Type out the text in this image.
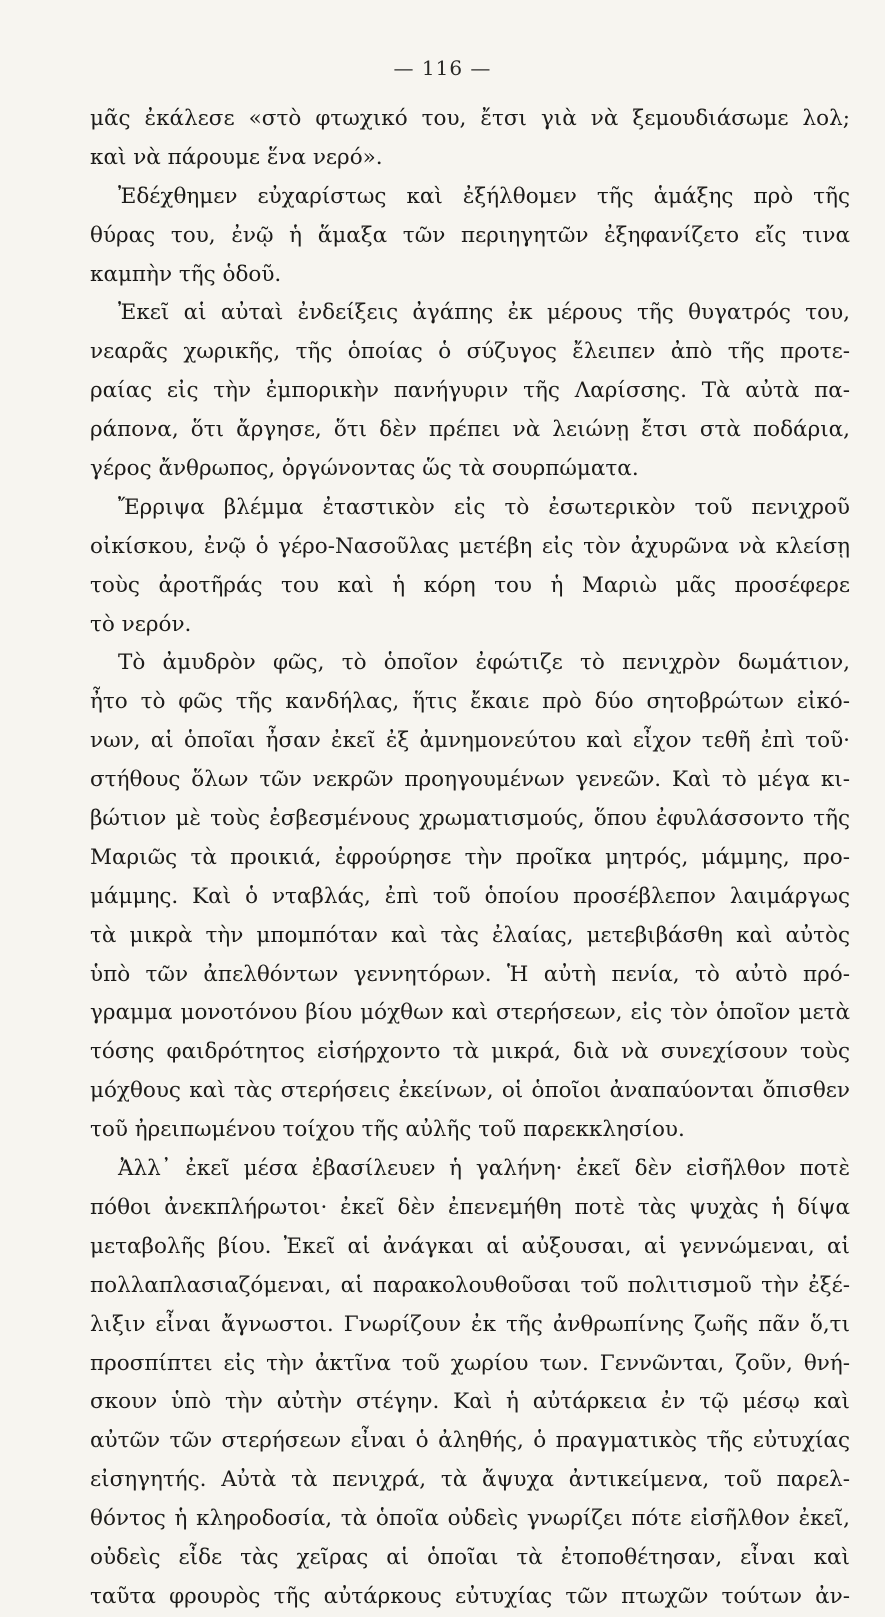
— 116 —
μᾶς ἐκάλεσε «στὸ φτωχικό του, ἔτσι γιὰ νὰ ξεμουδιάσωμε λολ;
καὶ νὰ πάρουμε ἕνα νερό».
Ἐδέχθημεν εὐχαρίστως καὶ ἐξήλθομεν τῆς ἁμάξης πρὸ τῆς
θύρας του, ἐνῷ ἡ ἅμαξα τῶν περιηγητῶν ἐξηφανίζετο εἴς τινα
καμπὴν τῆς ὁδοῦ.
Ἐκεῖ αἱ αὐταὶ ἐνδείξεις ἀγάπης ἐκ μέρους τῆς θυγατρός του,
νεαρᾶς χωρικῆς, τῆς ὁποίας ὁ σύζυγος ἔλειπεν ἀπὸ τῆς προτε-
ραίας εἰς τὴν ἐμπορικὴν πανήγυριν τῆς Λαρίσσης. Τὰ αὐτὰ πα-
ράπονα, ὅτι ἄργησε, ὅτι δὲν πρέπει νὰ λειώνῃ ἔτσι στὰ ποδάρια,
γέρος ἄνθρωπος, ὀργώνοντας ὥς τὰ σουρπώματα.
Ἔρριψα βλέμμα ἐταστικὸν εἰς τὸ ἐσωτερικὸν τοῦ πενιχροῦ
οἰκίσκου, ἐνῷ ὁ γέρο-Νασοῦλας μετέβη εἰς τὸν ἀχυρῶνα νὰ κλείσῃ
τοὺς ἀροτῆράς του καὶ ἡ κόρη του ἡ Μαριὼ μᾶς προσέφερε
τὸ νερόν.
Τὸ ἀμυδρὸν φῶς, τὸ ὁποῖον ἐφώτιζε τὸ πενιχρὸν δωμάτιον,
ἦτο τὸ φῶς τῆς κανδήλας, ἥτις ἔκαιε πρὸ δύο σητοβρώτων εἰκό-
νων, αἱ ὁποῖαι ἦσαν ἐκεῖ ἐξ ἀμνημονεύτου καὶ εἶχον τεθῆ ἐπὶ τοῦ·
στήθους ὅλων τῶν νεκρῶν προηγουμένων γενεῶν. Καὶ τὸ μέγα κι-
βώτιον μὲ τοὺς ἐσβεσμένους χρωματισμούς, ὅπου ἐφυλάσσοντο τῆς
Μαριῶς τὰ προικιά, ἐφρούρησε τὴν προῖκα μητρός, μάμμης, προ-
μάμμης. Καὶ ὁ νταβλάς, ἐπὶ τοῦ ὁποίου προσέβλεπον λαιμάργως
τὰ μικρὰ τὴν μπομπόταν καὶ τὰς ἐλαίας, μετεβιβάσθη καὶ αὐτὸς
ὑπὸ τῶν ἀπελθόντων γεννητόρων. Ἡ αὐτὴ πενία, τὸ αὐτὸ πρό-
γραμμα μονοτόνου βίου μόχθων καὶ στερήσεων, εἰς τὸν ὁποῖον μετὰ
τόσης φαιδρότητος εἰσήρχοντο τὰ μικρά, διὰ νὰ συνεχίσουν τοὺς
μόχθους καὶ τὰς στερήσεις ἐκείνων, οἱ ὁποῖοι ἀναπαύονται ὄπισθεν
τοῦ ἠρειπωμένου τοίχου τῆς αὐλῆς τοῦ παρεκκλησίου.
Ἀλλ᾿ ἐκεῖ μέσα ἐβασίλευεν ἡ γαλήνη· ἐκεῖ δὲν εἰσῆλθον ποτὲ
πόθοι ἀνεκπλήρωτοι· ἐκεῖ δὲν ἐπενεμήθη ποτὲ τὰς ψυχὰς ἡ δίψα
μεταβολῆς βίου. Ἐκεῖ αἱ ἀνάγκαι αἱ αὐξουσαι, αἱ γεννώμεναι, αἱ
πολλαπλασιαζόμεναι, αἱ παρακολουθοῦσαι τοῦ πολιτισμοῦ τὴν ἐξέ-
λιξιν εἶναι ἄγνωστοι. Γνωρίζουν ἐκ τῆς ἀνθρωπίνης ζωῆς πᾶν ὅ,τι
προσπίπτει εἰς τὴν ἀκτῖνα τοῦ χωρίου των. Γεννῶνται, ζοῦν, θνή-
σκουν ὑπὸ τὴν αὐτὴν στέγην. Καὶ ἡ αὐτάρκεια ἐν τῷ μέσῳ καὶ
αὐτῶν τῶν στερήσεων εἶναι ὁ ἀληθής, ὁ πραγματικὸς τῆς εὐτυχίας
εἰσηγητής. Αὐτὰ τὰ πενιχρά, τὰ ἄψυχα ἀντικείμενα, τοῦ παρελ-
θόντος ἡ κληροδοσία, τὰ ὁποῖα οὐδεὶς γνωρίζει πότε εἰσῆλθον ἐκεῖ,
οὐδεὶς εἶδε τὰς χεῖρας αἱ ὁποῖαι τὰ ἐτοποθέτησαν, εἶναι καὶ
ταῦτα φρουρὸς τῆς αὐτάρκους εὐτυχίας τῶν πτωχῶν τούτων ἀν-
